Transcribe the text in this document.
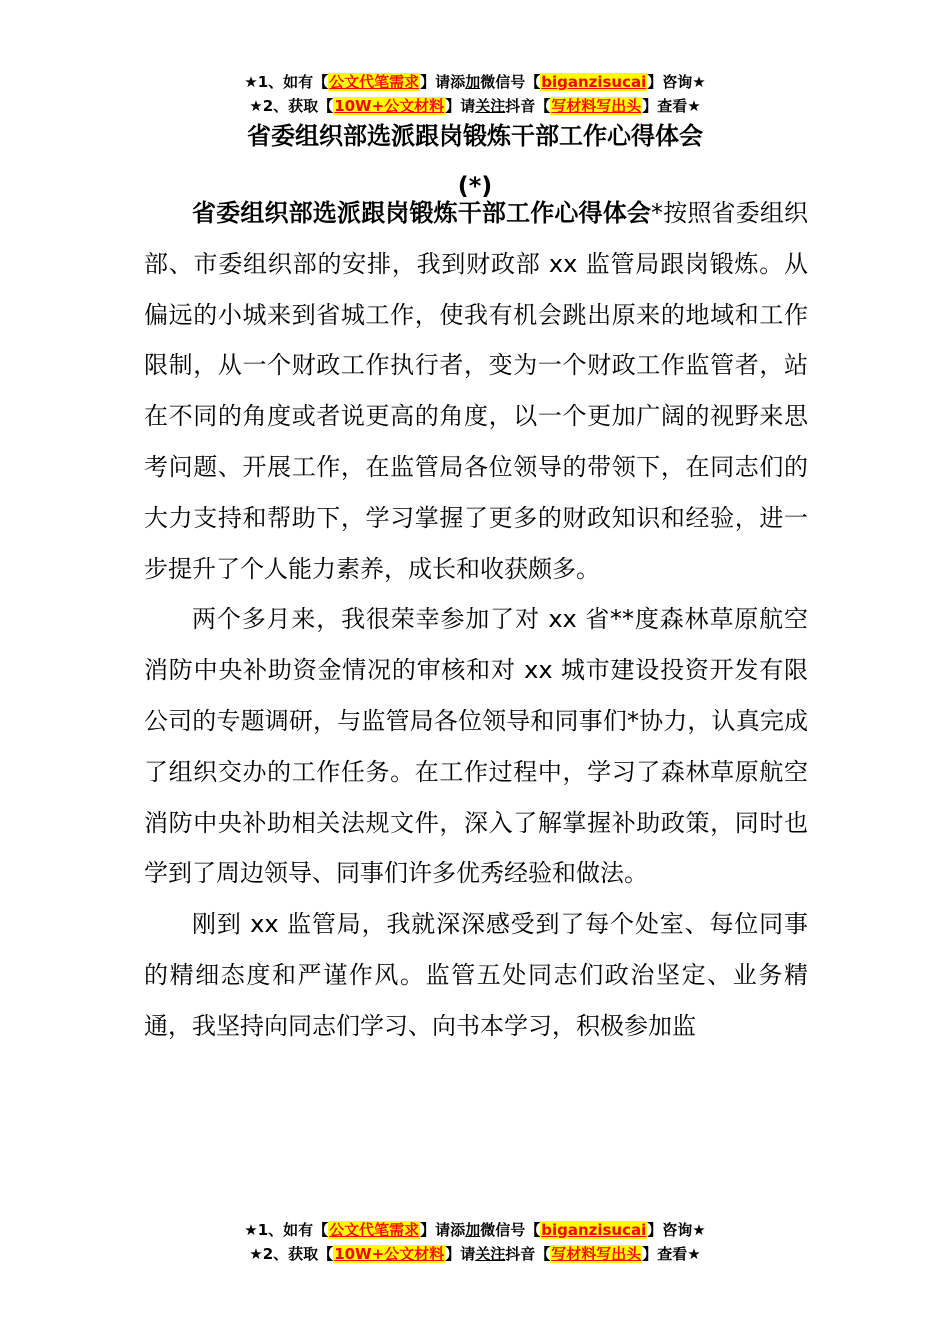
★1、如有【公文代笔需求】请添加微信号【biganzisucai】咨询★
★2、获取【10W+公文材料】请关注抖音【写材料写出头】查看★
省委组织部选派跟岗锻炼干部工作心得体会
(*)

省委组织部选派跟岗锻炼干部工作心得体会*按照省委组织部、市委组织部的安排，我到财政部 xx 监管局跟岗锻炼。从偏远的小城来到省城工作，使我有机会跳出原来的地域和工作限制，从一个财政工作执行者，变为一个财政工作监管者，站在不同的角度或者说更高的角度，以一个更加广阔的视野来思考问题、开展工作，在监管局各位领导的带领下，在同志们的大力支持和帮助下，学习掌握了更多的财政知识和经验，进一步提升了个人能力素养，成长和收获颇多。

两个多月来，我很荣幸参加了对 xx 省**度森林草原航空消防中央补助资金情况的审核和对 xx 城市建设投资开发有限公司的专题调研，与监管局各位领导和同事们*协力，认真完成了组织交办的工作任务。在工作过程中，学习了森林草原航空消防中央补助相关法规文件，深入了解掌握补助政策，同时也学到了周边领导、同事们许多优秀经验和做法。

刚到 xx 监管局，我就深深感受到了每个处室、每位同事的精细态度和严谨作风。监管五处同志们政治坚定、业务精通，我坚持向同志们学习、向书本学习，积极参加监

★1、如有【公文代笔需求】请添加微信号【biganzisucai】咨询★
★2、获取【10W+公文材料】请关注抖音【写材料写出头】查看★
